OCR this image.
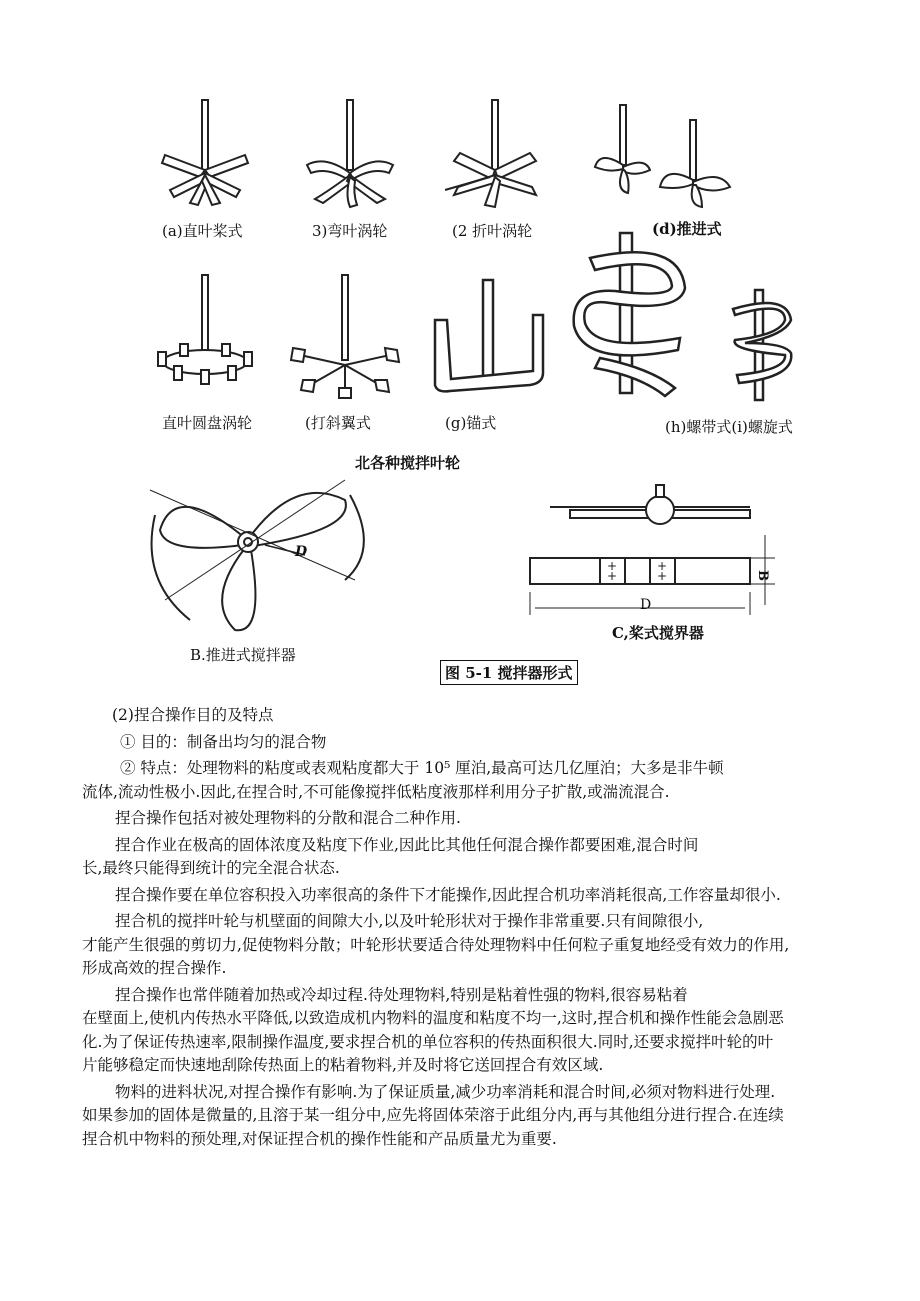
(a)直叶桨式	3)弯叶涡轮	(2 折叶涡轮	(d)推进式
直叶圆盘涡轮	(打斜翼式	(g)锚式	(h)螺带式(i)螺旋式
北各种搅拌叶轮
D
B.推进式搅拌器
+
+
+
+
D
B
C,桨式搅界器
图 5-1 搅拌器形式
(2)捏合操作目的及特点
① 目的：制备出均匀的混合物
② 特点：处理物料的粘度或表观粘度都大于 10⁵ 厘泊,最高可达几亿厘泊；大多是非牛顿
流体,流动性极小.因此,在捏合时,不可能像搅拌低粘度液那样利用分子扩散,或湍流混合.
捏合操作包括对被处理物料的分散和混合二种作用.
捏合作业在极高的固体浓度及粘度下作业,因此比其他任何混合操作都要困难,混合时间
长,最终只能得到统计的完全混合状态.
捏合操作要在单位容积投入功率很高的条件下才能操作,因此捏合机功率消耗很高,工作容量却很小.
捏合机的搅拌叶轮与机壁面的间隙大小,以及叶轮形状对于操作非常重要.只有间隙很小,
才能产生很强的剪切力,促使物料分散；叶轮形状要适合待处理物料中任何粒子重复地经受有效力的作用,
形成高效的捏合操作.
捏合操作也常伴随着加热或冷却过程.待处理物料,特别是粘着性强的物料,很容易粘着
在壁面上,使机内传热水平降低,以致造成机内物料的温度和粘度不均一,这时,捏合机和操作性能会急剧恶
化.为了保证传热速率,限制操作温度,要求捏合机的单位容积的传热面积很大.同时,还要求搅拌叶轮的叶
片能够稳定而快速地刮除传热面上的粘着物料,并及时将它送回捏合有效区域.
物料的进料状况,对捏合操作有影响.为了保证质量,减少功率消耗和混合时间,必须对物料进行处理.
如果参加的固体是微量的,且溶于某一组分中,应先将固体荣溶于此组分内,再与其他组分进行捏合.在连续
捏合机中物料的预处理,对保证捏合机的操作性能和产品质量尤为重要.
